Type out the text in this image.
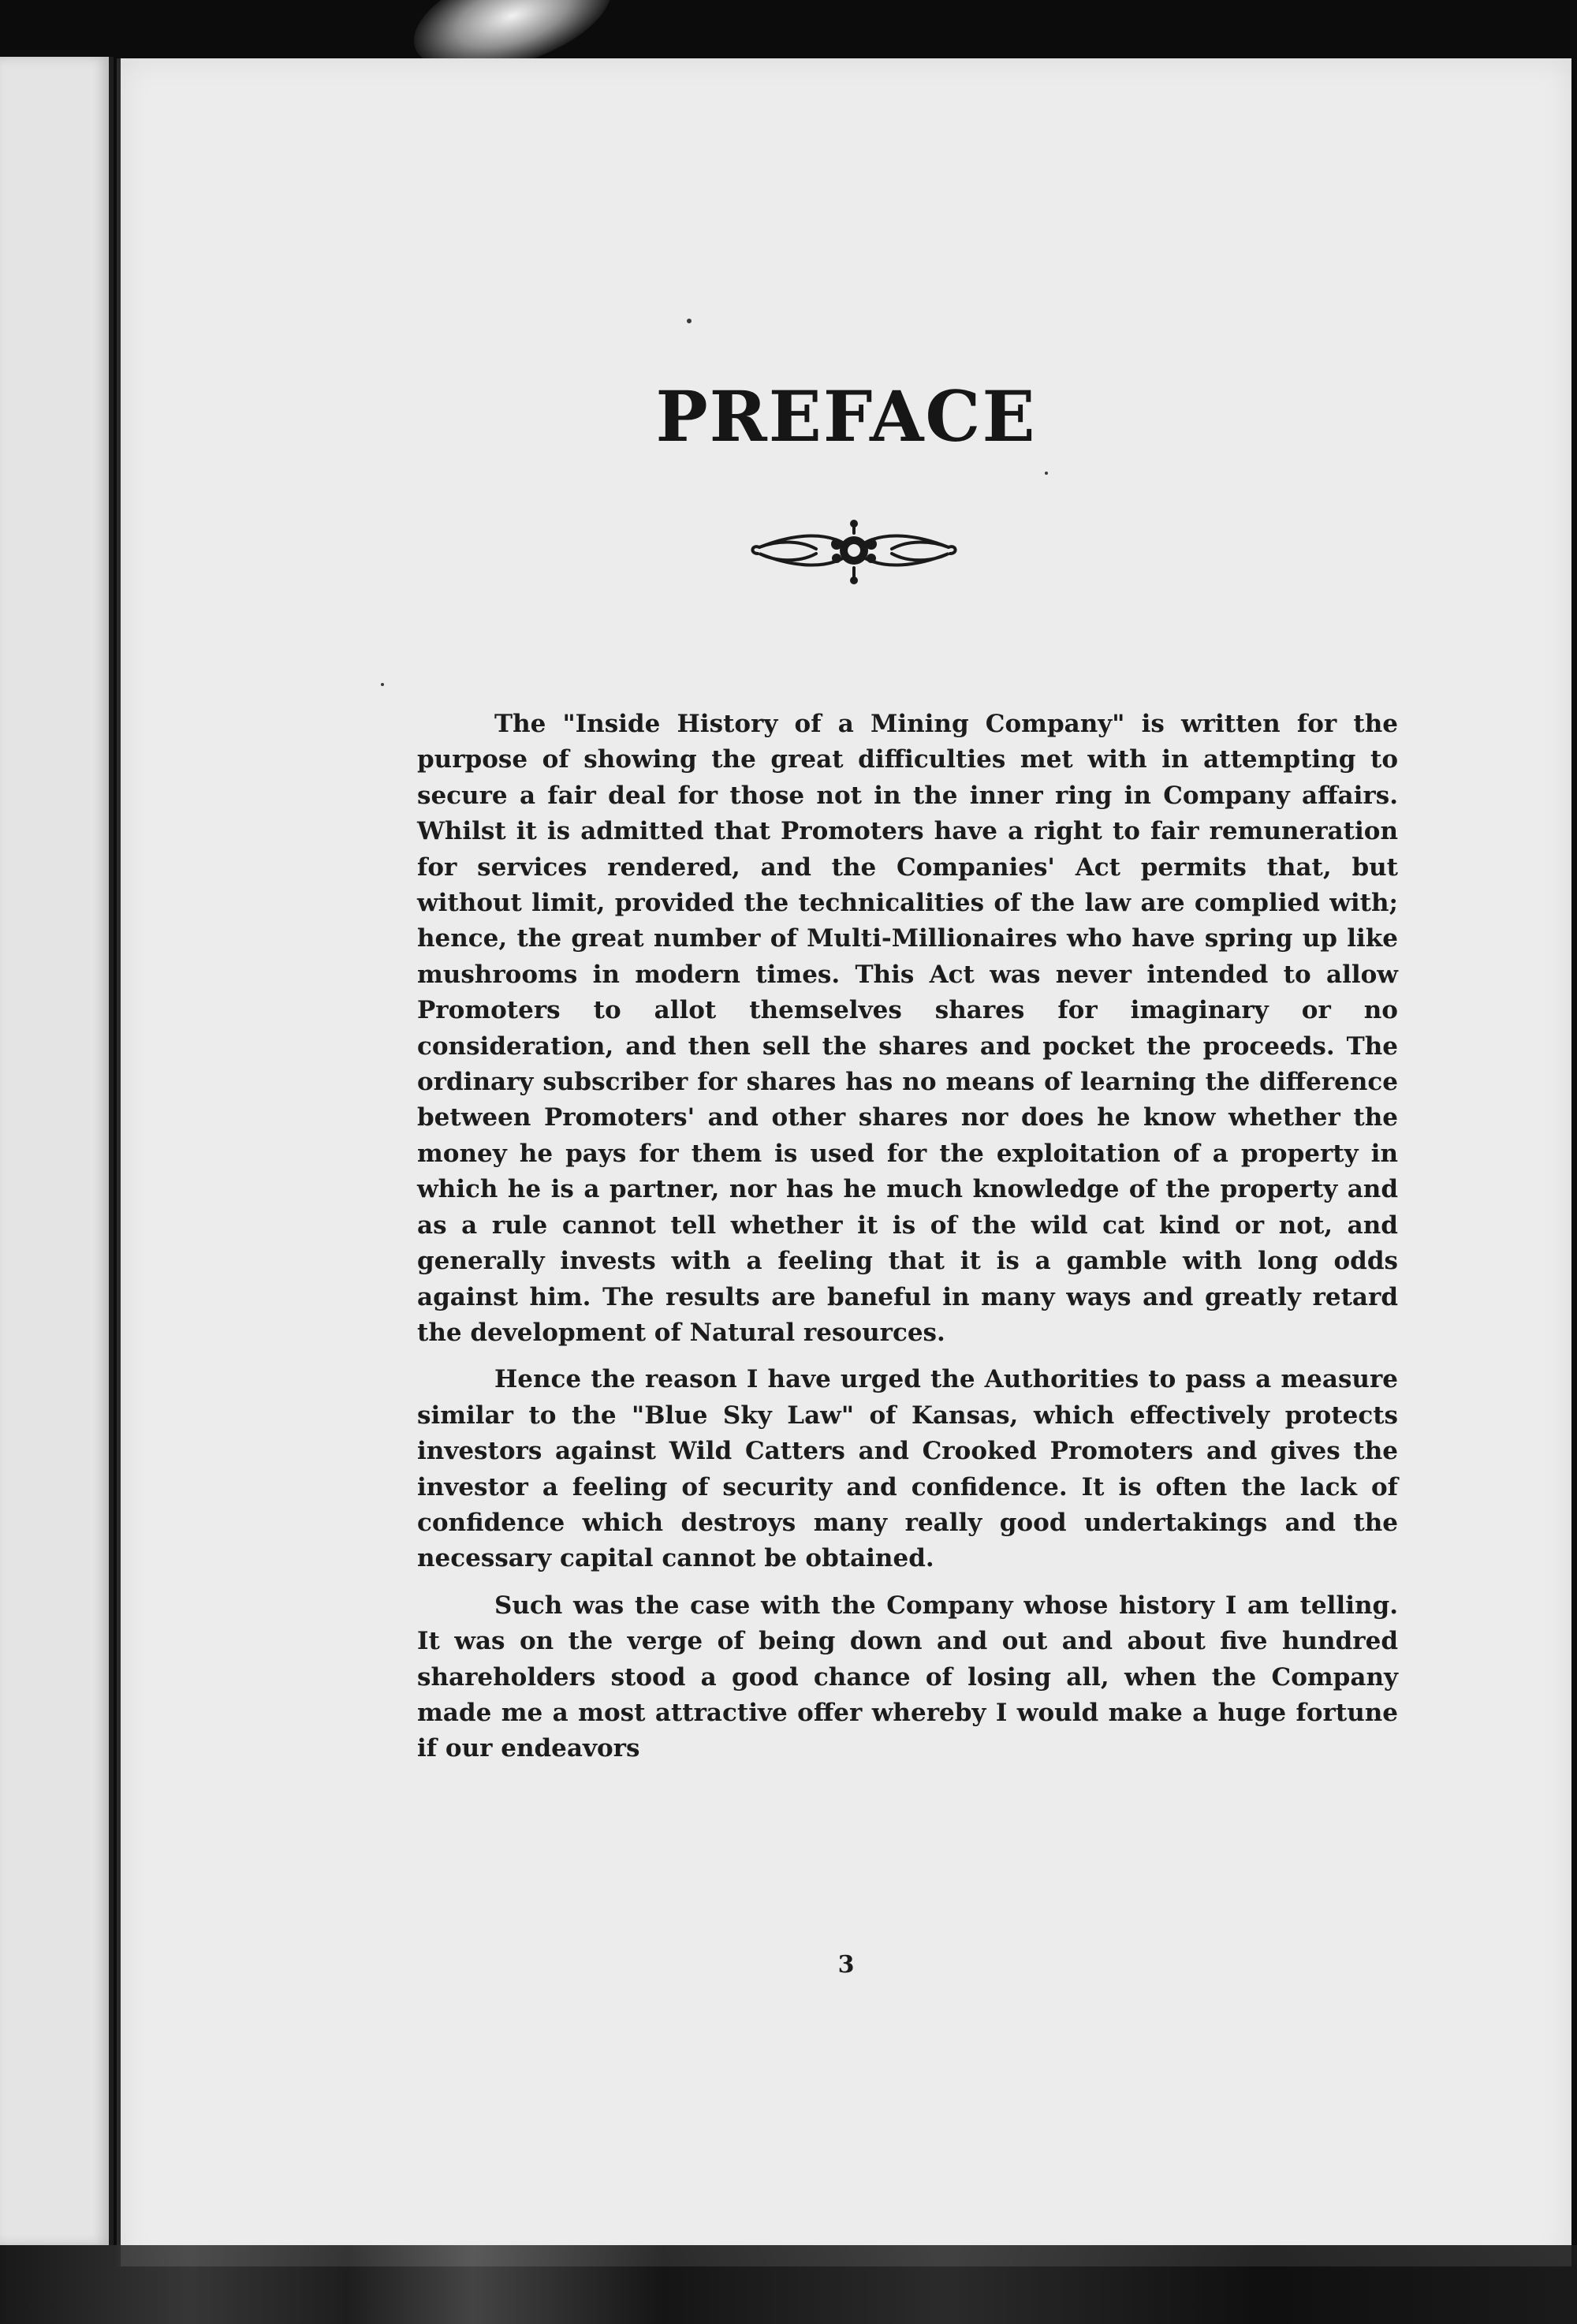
PREFACE

The "Inside History of a Mining Company" is written for the purpose of showing the great difficulties met with in attempting to secure a fair deal for those not in the inner ring in Company affairs. Whilst it is admitted that Promoters have a right to fair remuneration for services rendered, and the Companies' Act permits that, but without limit, provided the technicalities of the law are complied with; hence, the great number of Multi-Millionaires who have spring up like mushrooms in modern times. This Act was never intended to allow Promoters to allot themselves shares for imaginary or no consideration, and then sell the shares and pocket the proceeds. The ordinary subscriber for shares has no means of learning the difference between Promoters' and other shares nor does he know whether the money he pays for them is used for the exploitation of a property in which he is a partner, nor has he much knowledge of the property and as a rule cannot tell whether it is of the wild cat kind or not, and generally invests with a feeling that it is a gamble with long odds against him. The results are baneful in many ways and greatly retard the development of Natural resources.

Hence the reason I have urged the Authorities to pass a measure similar to the "Blue Sky Law" of Kansas, which effectively protects investors against Wild Catters and Crooked Promoters and gives the investor a feeling of security and confidence. It is often the lack of confidence which destroys many really good undertakings and the necessary capital cannot be obtained.

Such was the case with the Company whose history I am telling. It was on the verge of being down and out and about five hundred shareholders stood a good chance of losing all, when the Company made me a most attractive offer whereby I would make a huge fortune if our endeavors

3
